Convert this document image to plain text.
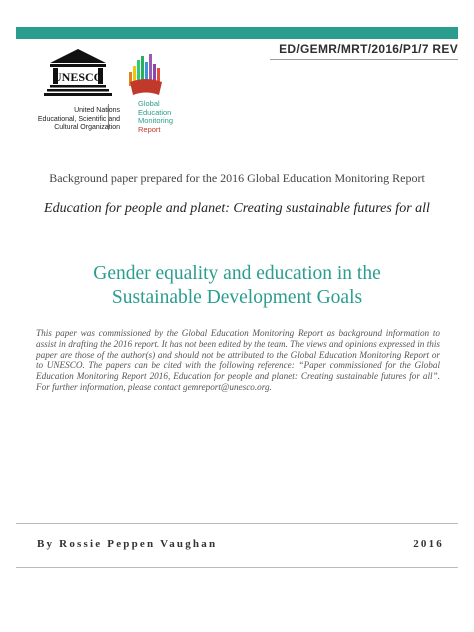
ED/GEMR/MRT/2016/P1/7 REV
UNESCO
United Nations
Educational, Scientific and
Cultural Organization
Global
Education
Monitoring
Report
Background paper prepared for the 2016 Global Education Monitoring Report
Education for people and planet: Creating sustainable futures for all
Gender equality and education in the
Sustainable Development Goals
This paper was commissioned by the Global Education Monitoring Report as background information to assist in drafting the 2016 report. It has not been edited by the team. The views and opinions expressed in this paper are those of the author(s) and should not be attributed to the Global Education Monitoring Report or to UNESCO. The papers can be cited with the following reference: “Paper commissioned for the Global Education Monitoring Report 2016, Education for people and planet: Creating sustainable futures for all”. For further information, please contact gemreport@unesco.org.
By Rossie Peppen Vaughan	2016
